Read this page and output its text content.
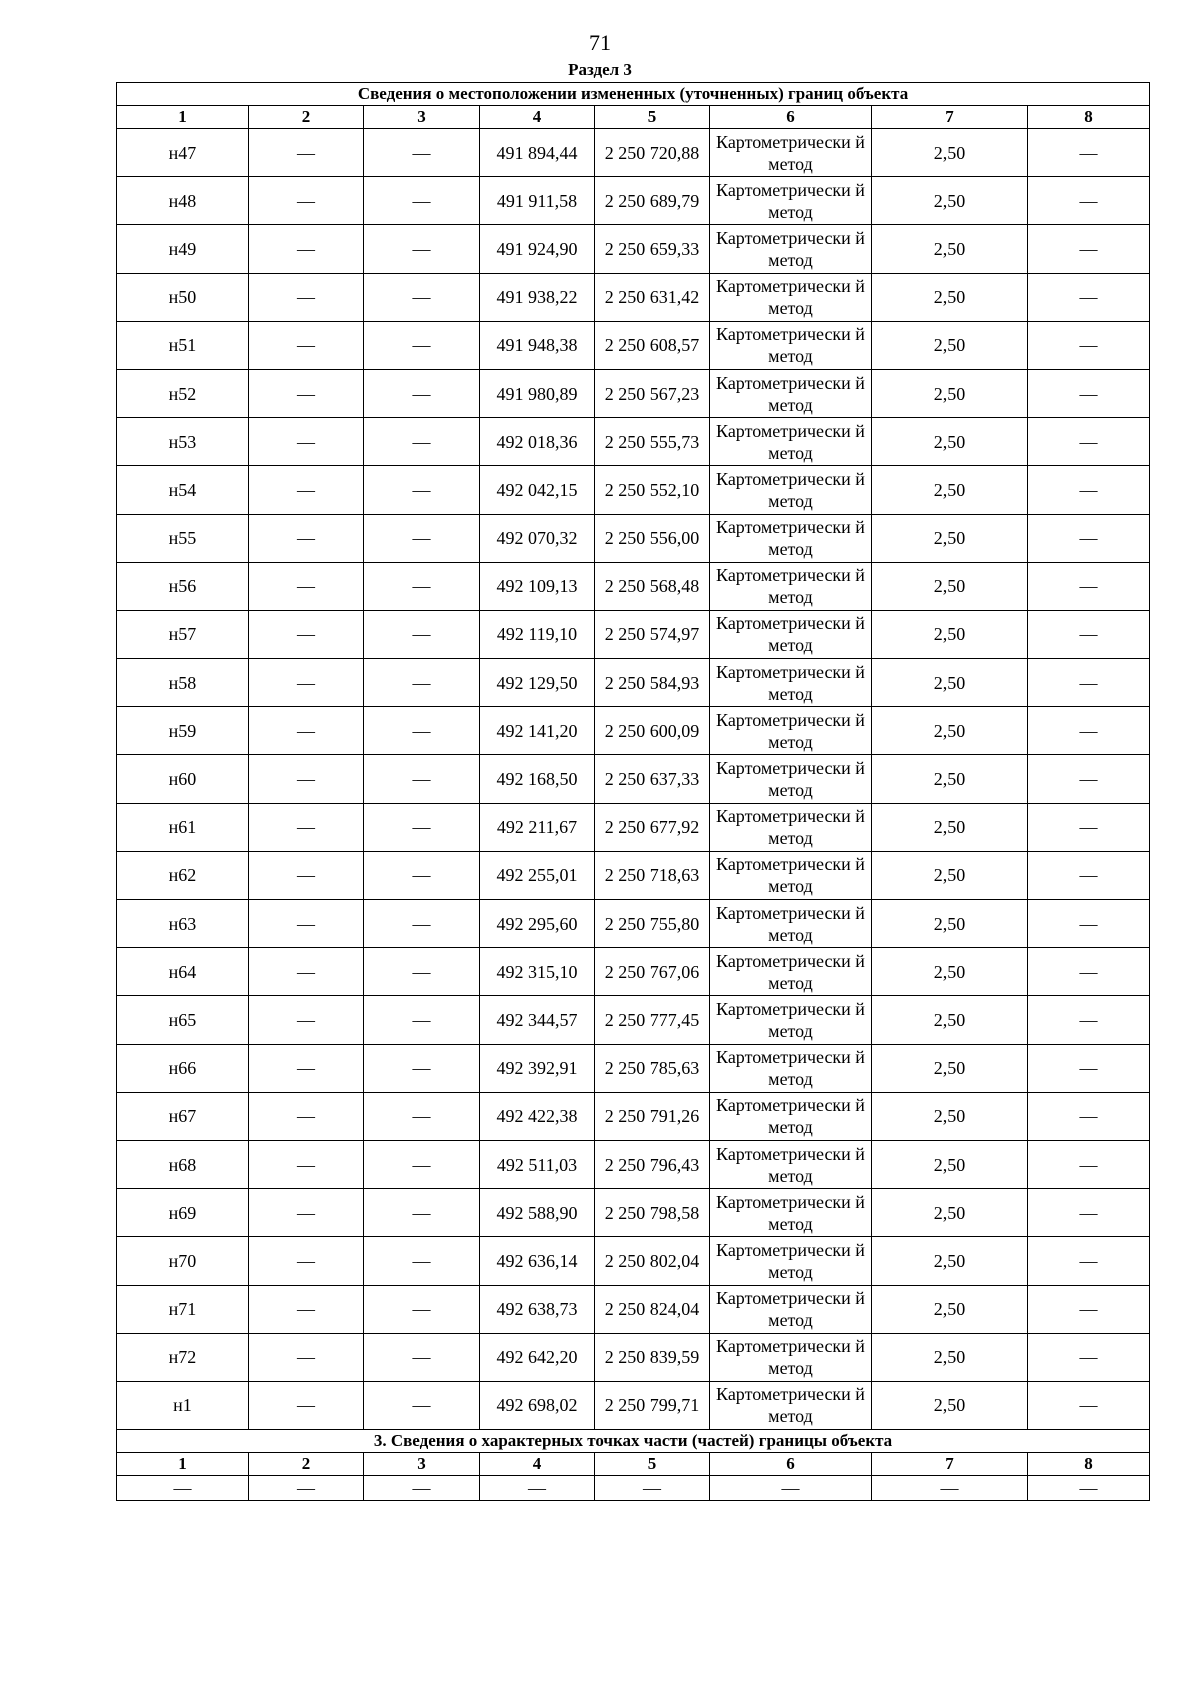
71
Раздел 3
Сведения о местоположении измененных (уточненных) границ объекта							
1	2	3	4	5	6	7	8
н47	—	—	491 894,44	2 250 720,88	Картометрически й метод	2,50	—
н48	—	—	491 911,58	2 250 689,79	Картометрически й метод	2,50	—
н49	—	—	491 924,90	2 250 659,33	Картометрически й метод	2,50	—
н50	—	—	491 938,22	2 250 631,42	Картометрически й метод	2,50	—
н51	—	—	491 948,38	2 250 608,57	Картометрически й метод	2,50	—
н52	—	—	491 980,89	2 250 567,23	Картометрически й метод	2,50	—
н53	—	—	492 018,36	2 250 555,73	Картометрически й метод	2,50	—
н54	—	—	492 042,15	2 250 552,10	Картометрически й метод	2,50	—
н55	—	—	492 070,32	2 250 556,00	Картометрически й метод	2,50	—
н56	—	—	492 109,13	2 250 568,48	Картометрически й метод	2,50	—
н57	—	—	492 119,10	2 250 574,97	Картометрически й метод	2,50	—
н58	—	—	492 129,50	2 250 584,93	Картометрически й метод	2,50	—
н59	—	—	492 141,20	2 250 600,09	Картометрически й метод	2,50	—
н60	—	—	492 168,50	2 250 637,33	Картометрически й метод	2,50	—
н61	—	—	492 211,67	2 250 677,92	Картометрически й метод	2,50	—
н62	—	—	492 255,01	2 250 718,63	Картометрически й метод	2,50	—
н63	—	—	492 295,60	2 250 755,80	Картометрически й метод	2,50	—
н64	—	—	492 315,10	2 250 767,06	Картометрически й метод	2,50	—
н65	—	—	492 344,57	2 250 777,45	Картометрически й метод	2,50	—
н66	—	—	492 392,91	2 250 785,63	Картометрически й метод	2,50	—
н67	—	—	492 422,38	2 250 791,26	Картометрически й метод	2,50	—
н68	—	—	492 511,03	2 250 796,43	Картометрически й метод	2,50	—
н69	—	—	492 588,90	2 250 798,58	Картометрически й метод	2,50	—
н70	—	—	492 636,14	2 250 802,04	Картометрически й метод	2,50	—
н71	—	—	492 638,73	2 250 824,04	Картометрически й метод	2,50	—
н72	—	—	492 642,20	2 250 839,59	Картометрически й метод	2,50	—
н1	—	—	492 698,02	2 250 799,71	Картометрически й метод	2,50	—
3. Сведения о характерных точках части (частей) границы объекта							
1	2	3	4	5	6	7	8
—	—	—	—	—	—	—	—
